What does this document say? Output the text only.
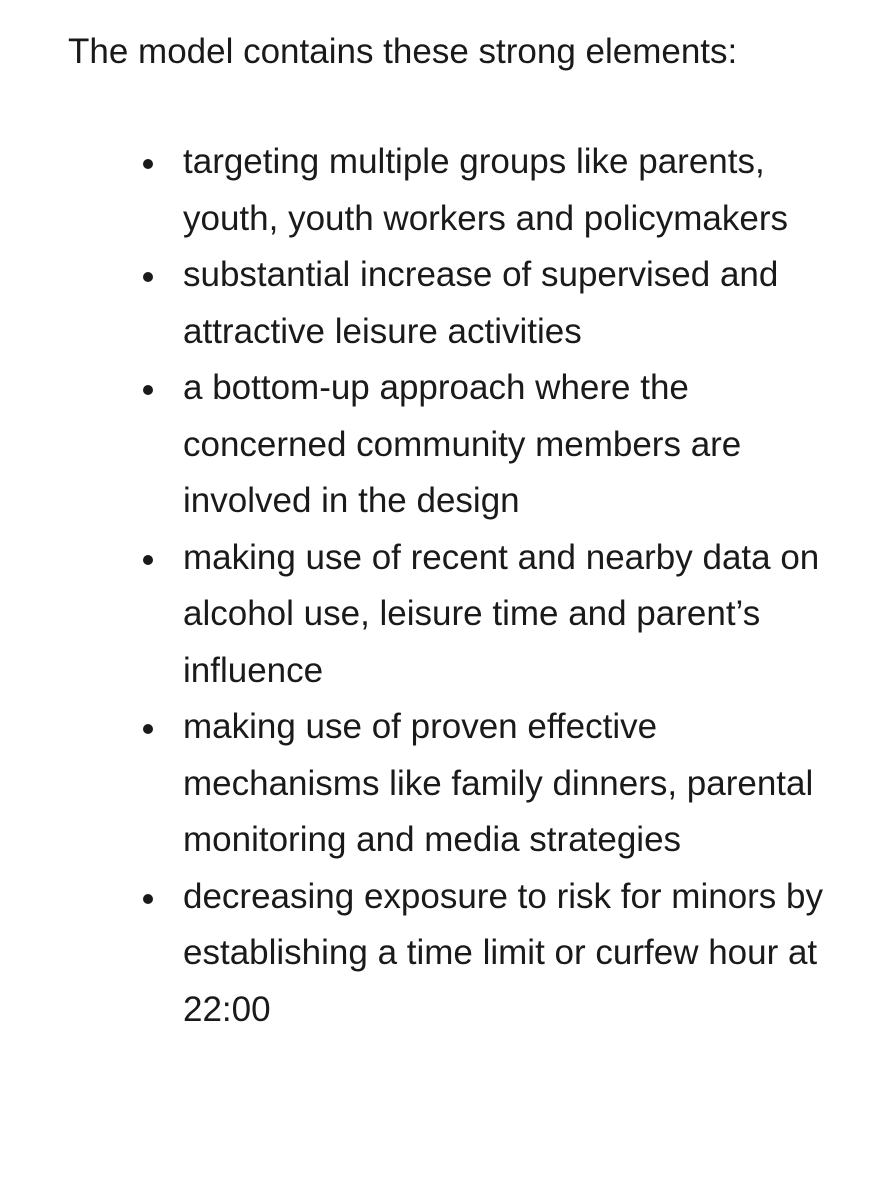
The model contains these strong elements:

targeting multiple groups like parents, youth, youth workers and policymakers
substantial increase of supervised and attractive leisure activities
a bottom-up approach where the concerned community members are involved in the design
making use of recent and nearby data on alcohol use, leisure time and parent’s influence
making use of proven effective mechanisms like family dinners, parental monitoring and media strategies
decreasing exposure to risk for minors by establishing a time limit or curfew hour at 22:00
